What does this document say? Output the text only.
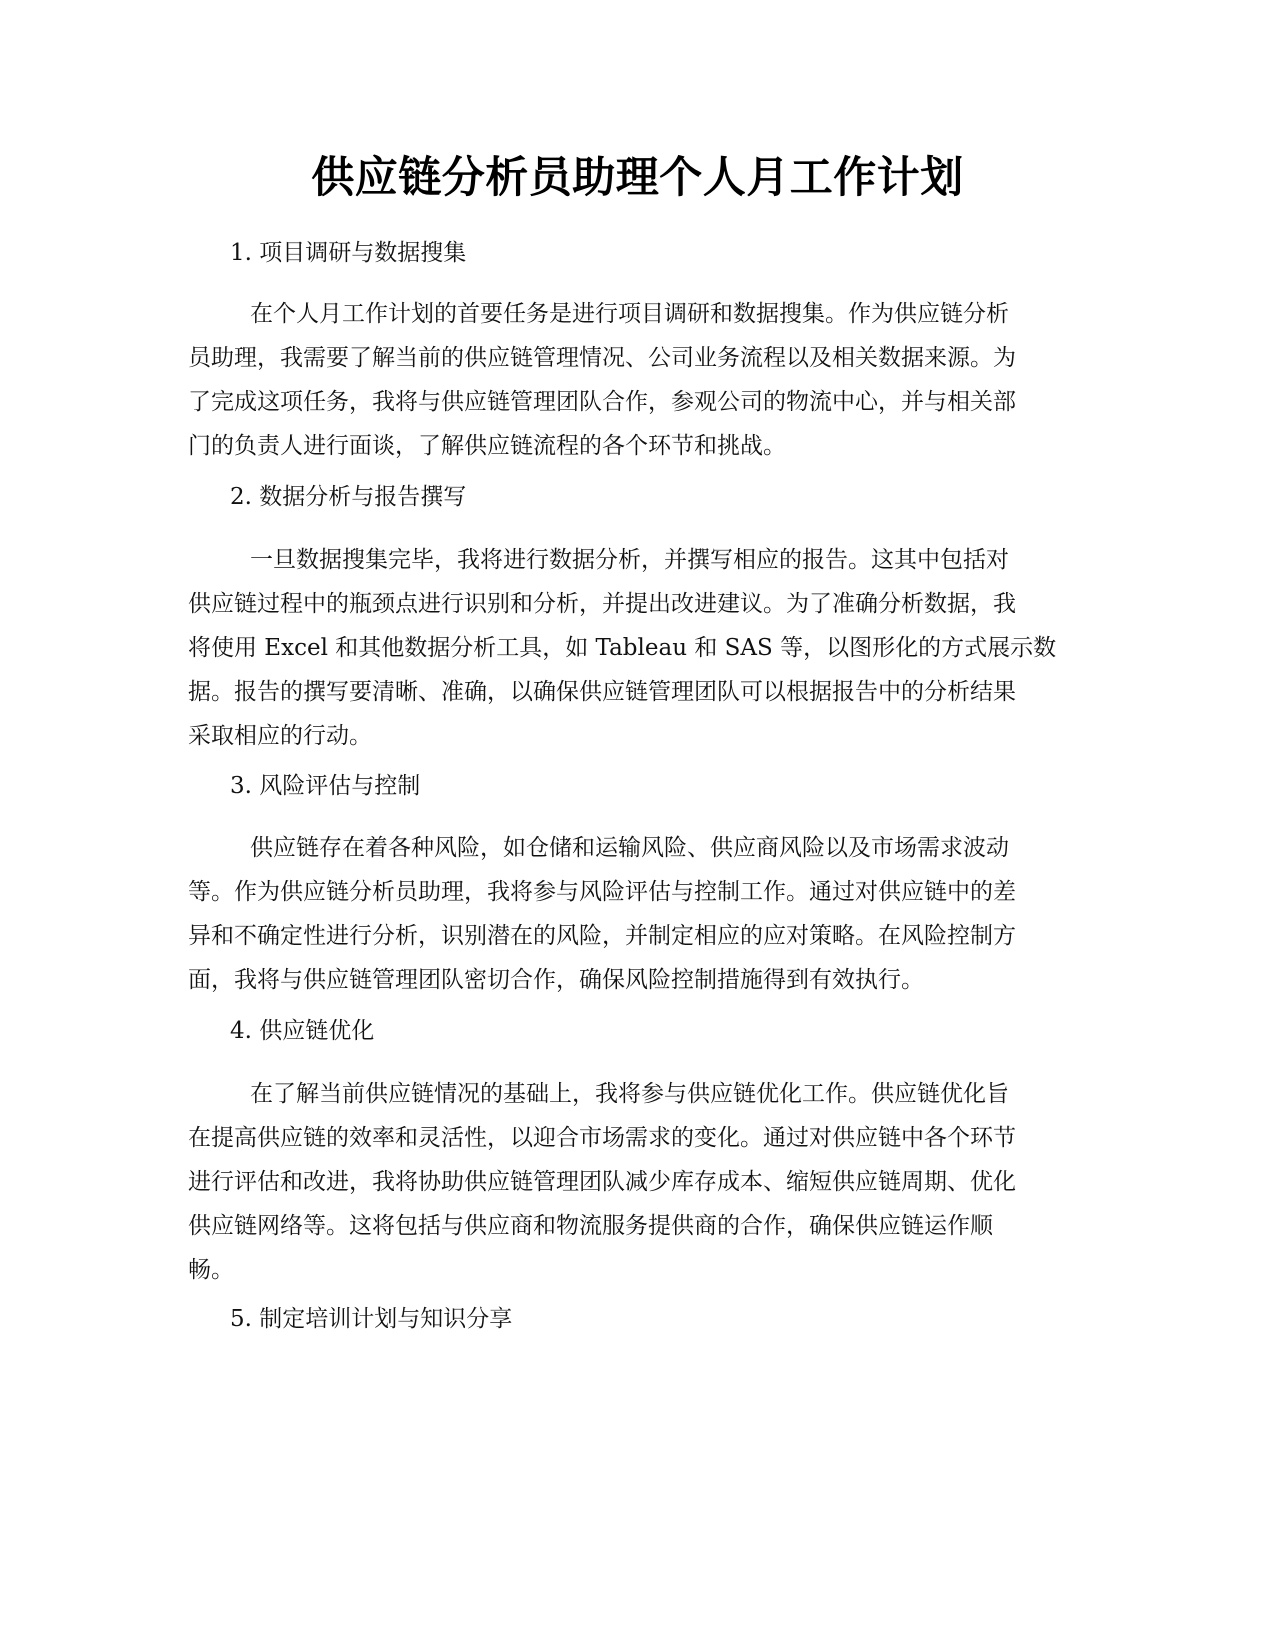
供应链分析员助理个人月工作计划
1. 项目调研与数据搜集
在个人月工作计划的首要任务是进行项目调研和数据搜集。作为供应链分析
员助理，我需要了解当前的供应链管理情况、公司业务流程以及相关数据来源。为
了完成这项任务，我将与供应链管理团队合作，参观公司的物流中心，并与相关部
门的负责人进行面谈，了解供应链流程的各个环节和挑战。
2. 数据分析与报告撰写
一旦数据搜集完毕，我将进行数据分析，并撰写相应的报告。这其中包括对
供应链过程中的瓶颈点进行识别和分析，并提出改进建议。为了准确分析数据，我
将使用 Excel 和其他数据分析工具，如 Tableau 和 SAS 等，以图形化的方式展示数
据。报告的撰写要清晰、准确，以确保供应链管理团队可以根据报告中的分析结果
采取相应的行动。
3. 风险评估与控制
供应链存在着各种风险，如仓储和运输风险、供应商风险以及市场需求波动
等。作为供应链分析员助理，我将参与风险评估与控制工作。通过对供应链中的差
异和不确定性进行分析，识别潜在的风险，并制定相应的应对策略。在风险控制方
面，我将与供应链管理团队密切合作，确保风险控制措施得到有效执行。
4. 供应链优化
在了解当前供应链情况的基础上，我将参与供应链优化工作。供应链优化旨
在提高供应链的效率和灵活性，以迎合市场需求的变化。通过对供应链中各个环节
进行评估和改进，我将协助供应链管理团队减少库存成本、缩短供应链周期、优化
供应链网络等。这将包括与供应商和物流服务提供商的合作，确保供应链运作顺
畅。
5. 制定培训计划与知识分享
